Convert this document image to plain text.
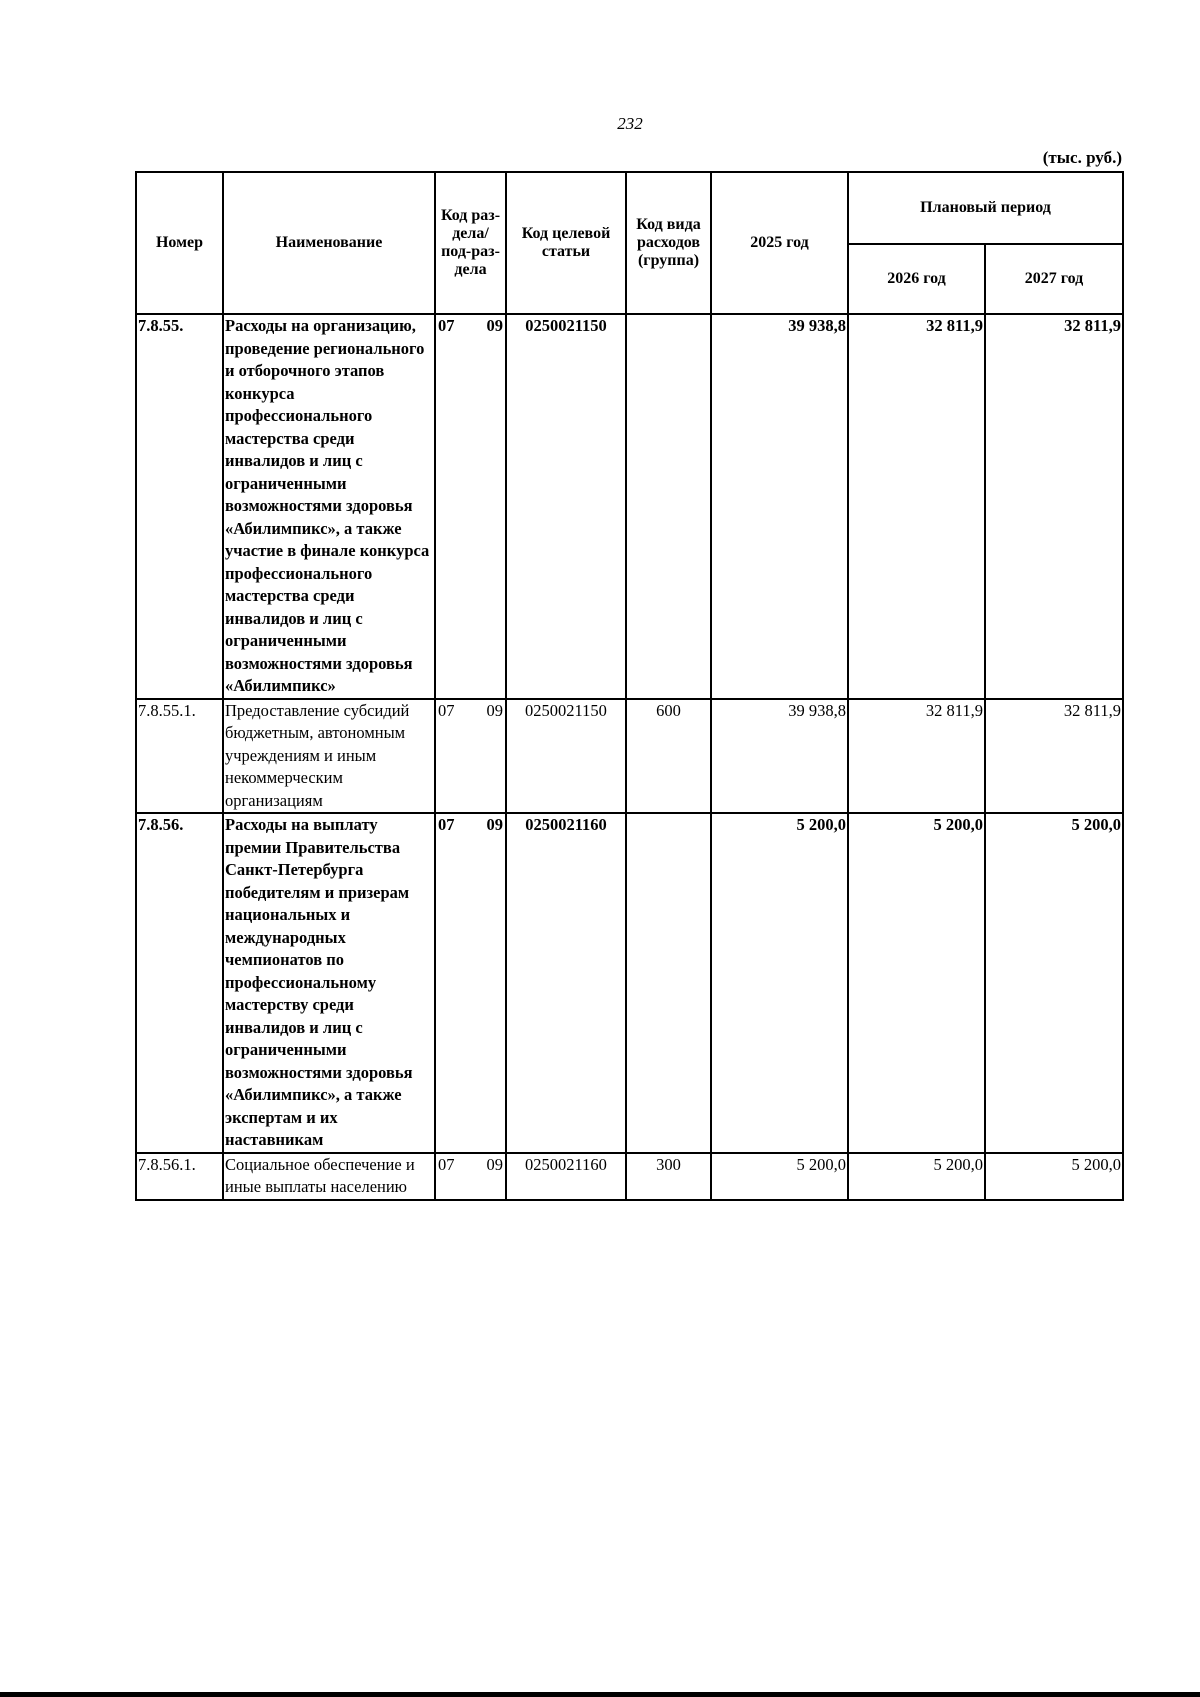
232
(тыс. руб.)
Номер	Наименование	Код раз-дела/ под-раз-дела	Код целевой статьи	Код вида расходов (группа)	2025 год	Плановый период	
						2026 год	2027 год
7.8.55.	Расходы на организацию, проведение регионального и отборочного этапов конкурса профессионального мастерства среди инвалидов и лиц с ограниченными возможностями здоровья «Абилимпикс», а также участие в финале конкурса профессионального мастерства среди инвалидов и лиц с ограниченными возможностями здоровья «Абилимпикс»	07 09	0250021150		39 938,8	32 811,9	32 811,9
7.8.55.1.	Предоставление субсидий бюджетным, автономным учреждениям и иным некоммерческим организациям	07 09	0250021150	600	39 938,8	32 811,9	32 811,9
7.8.56.	Расходы на выплату премии Правительства Санкт-Петербурга победителям и призерам национальных и международных чемпионатов по профессиональному мастерству среди инвалидов и лиц с ограниченными возможностями здоровья «Абилимпикс», а также экспертам и их наставникам	07 09	0250021160		5 200,0	5 200,0	5 200,0
7.8.56.1.	Социальное обеспечение и иные выплаты населению	07 09	0250021160	300	5 200,0	5 200,0	5 200,0
